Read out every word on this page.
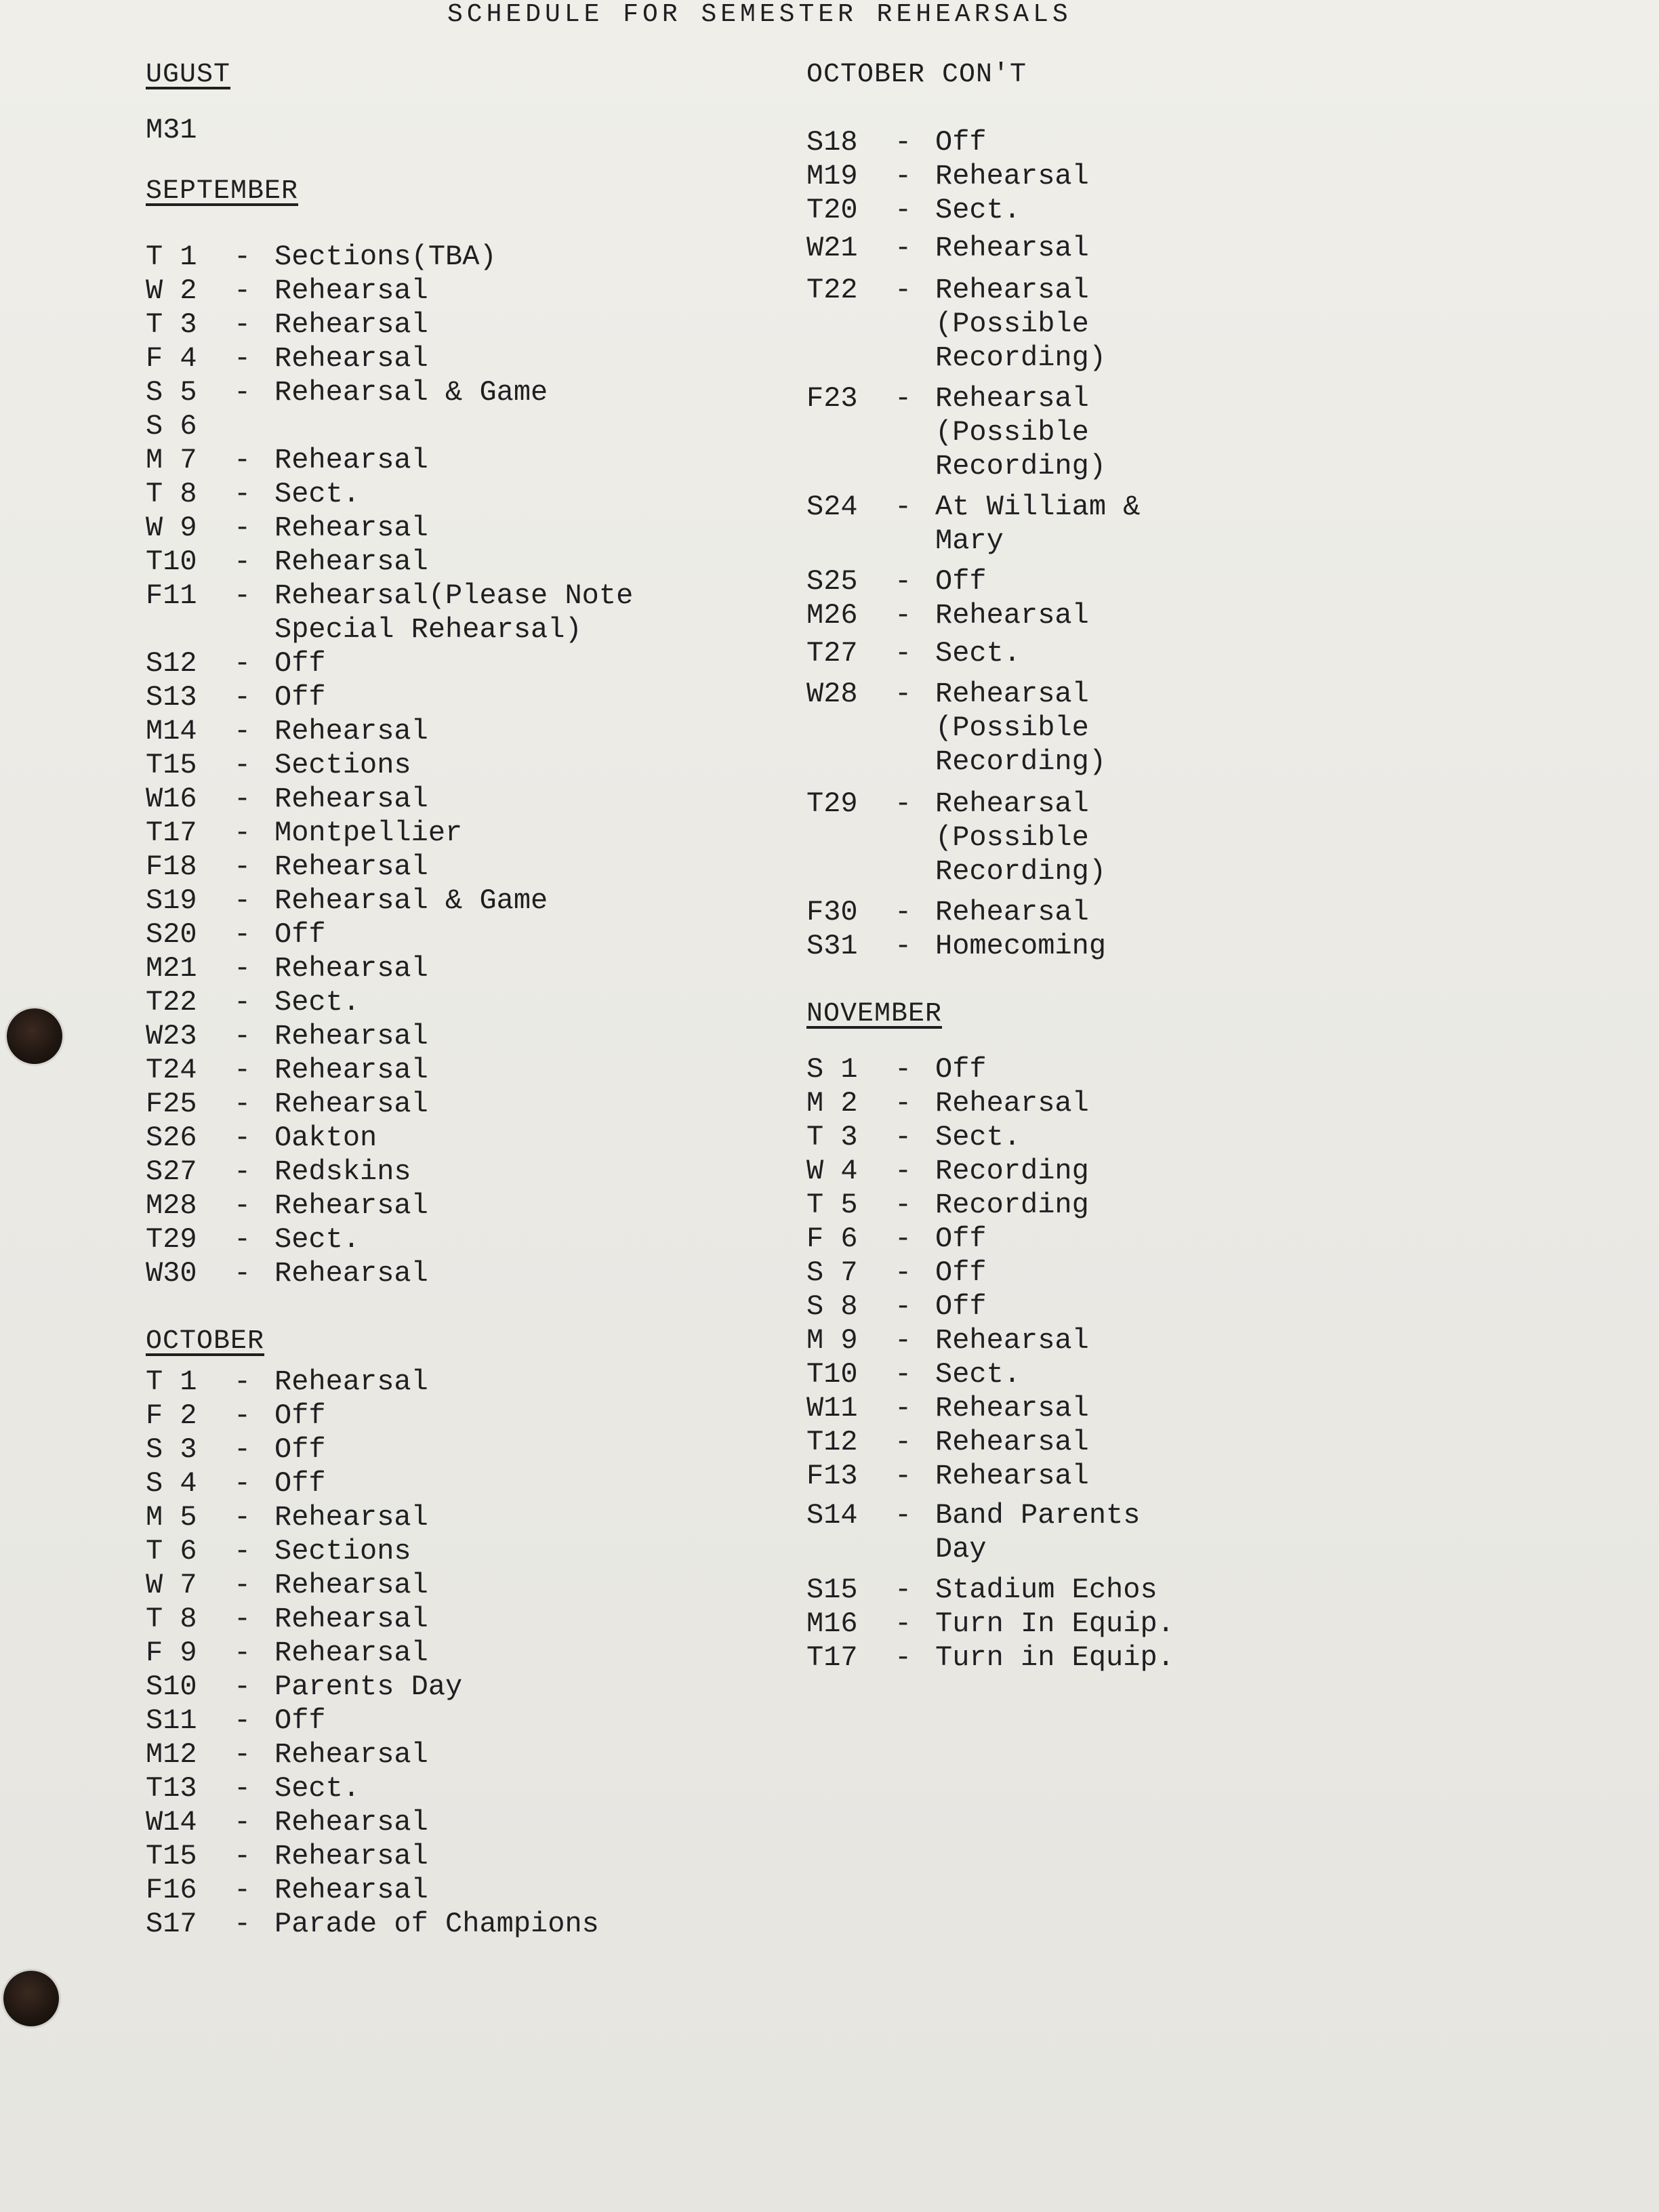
SCHEDULE FOR SEMESTER REHEARSALS
UGUST
M31
SEPTEMBER
T 1 - Sections(TBA)
W 2 - Rehearsal
T 3 - Rehearsal
F 4 - Rehearsal
S 5 - Rehearsal & Game
S 6
M 7 - Rehearsal
T 8 - Sect.
W 9 - Rehearsal
T10 - Rehearsal
F11 - Rehearsal(Please Note
Special Rehearsal)
S12 - Off
S13 - Off
M14 - Rehearsal
T15 - Sections
W16 - Rehearsal
T17 - Montpellier
F18 - Rehearsal
S19 - Rehearsal & Game
S20 - Off
M21 - Rehearsal
T22 - Sect.
W23 - Rehearsal
T24 - Rehearsal
F25 - Rehearsal
S26 - Oakton
S27 - Redskins
M28 - Rehearsal
T29 - Sect.
W30 - Rehearsal
OCTOBER
T 1 - Rehearsal
F 2 - Off
S 3 - Off
S 4 - Off
M 5 - Rehearsal
T 6 - Sections
W 7 - Rehearsal
T 8 - Rehearsal
F 9 - Rehearsal
S10 - Parents Day
S11 - Off
M12 - Rehearsal
T13 - Sect.
W14 - Rehearsal
T15 - Rehearsal
F16 - Rehearsal
S17 - Parade of Champions
OCTOBER CON'T
S18 - Off
M19 - Rehearsal
T20 - Sect.
W21 - Rehearsal
T22 - Rehearsal
(Possible
Recording)
F23 - Rehearsal
(Possible
Recording)
S24 - At William &
Mary
S25 - Off
M26 - Rehearsal
T27 - Sect.
W28 - Rehearsal
(Possible
Recording)
T29 - Rehearsal
(Possible
Recording)
F30 - Rehearsal
S31 - Homecoming
NOVEMBER
S 1 - Off
M 2 - Rehearsal
T 3 - Sect.
W 4 - Recording
T 5 - Recording
F 6 - Off
S 7 - Off
S 8 - Off
M 9 - Rehearsal
T10 - Sect.
W11 - Rehearsal
T12 - Rehearsal
F13 - Rehearsal
S14 - Band Parents
Day
S15 - Stadium Echos
M16 - Turn In Equip.
T17 - Turn in Equip.
